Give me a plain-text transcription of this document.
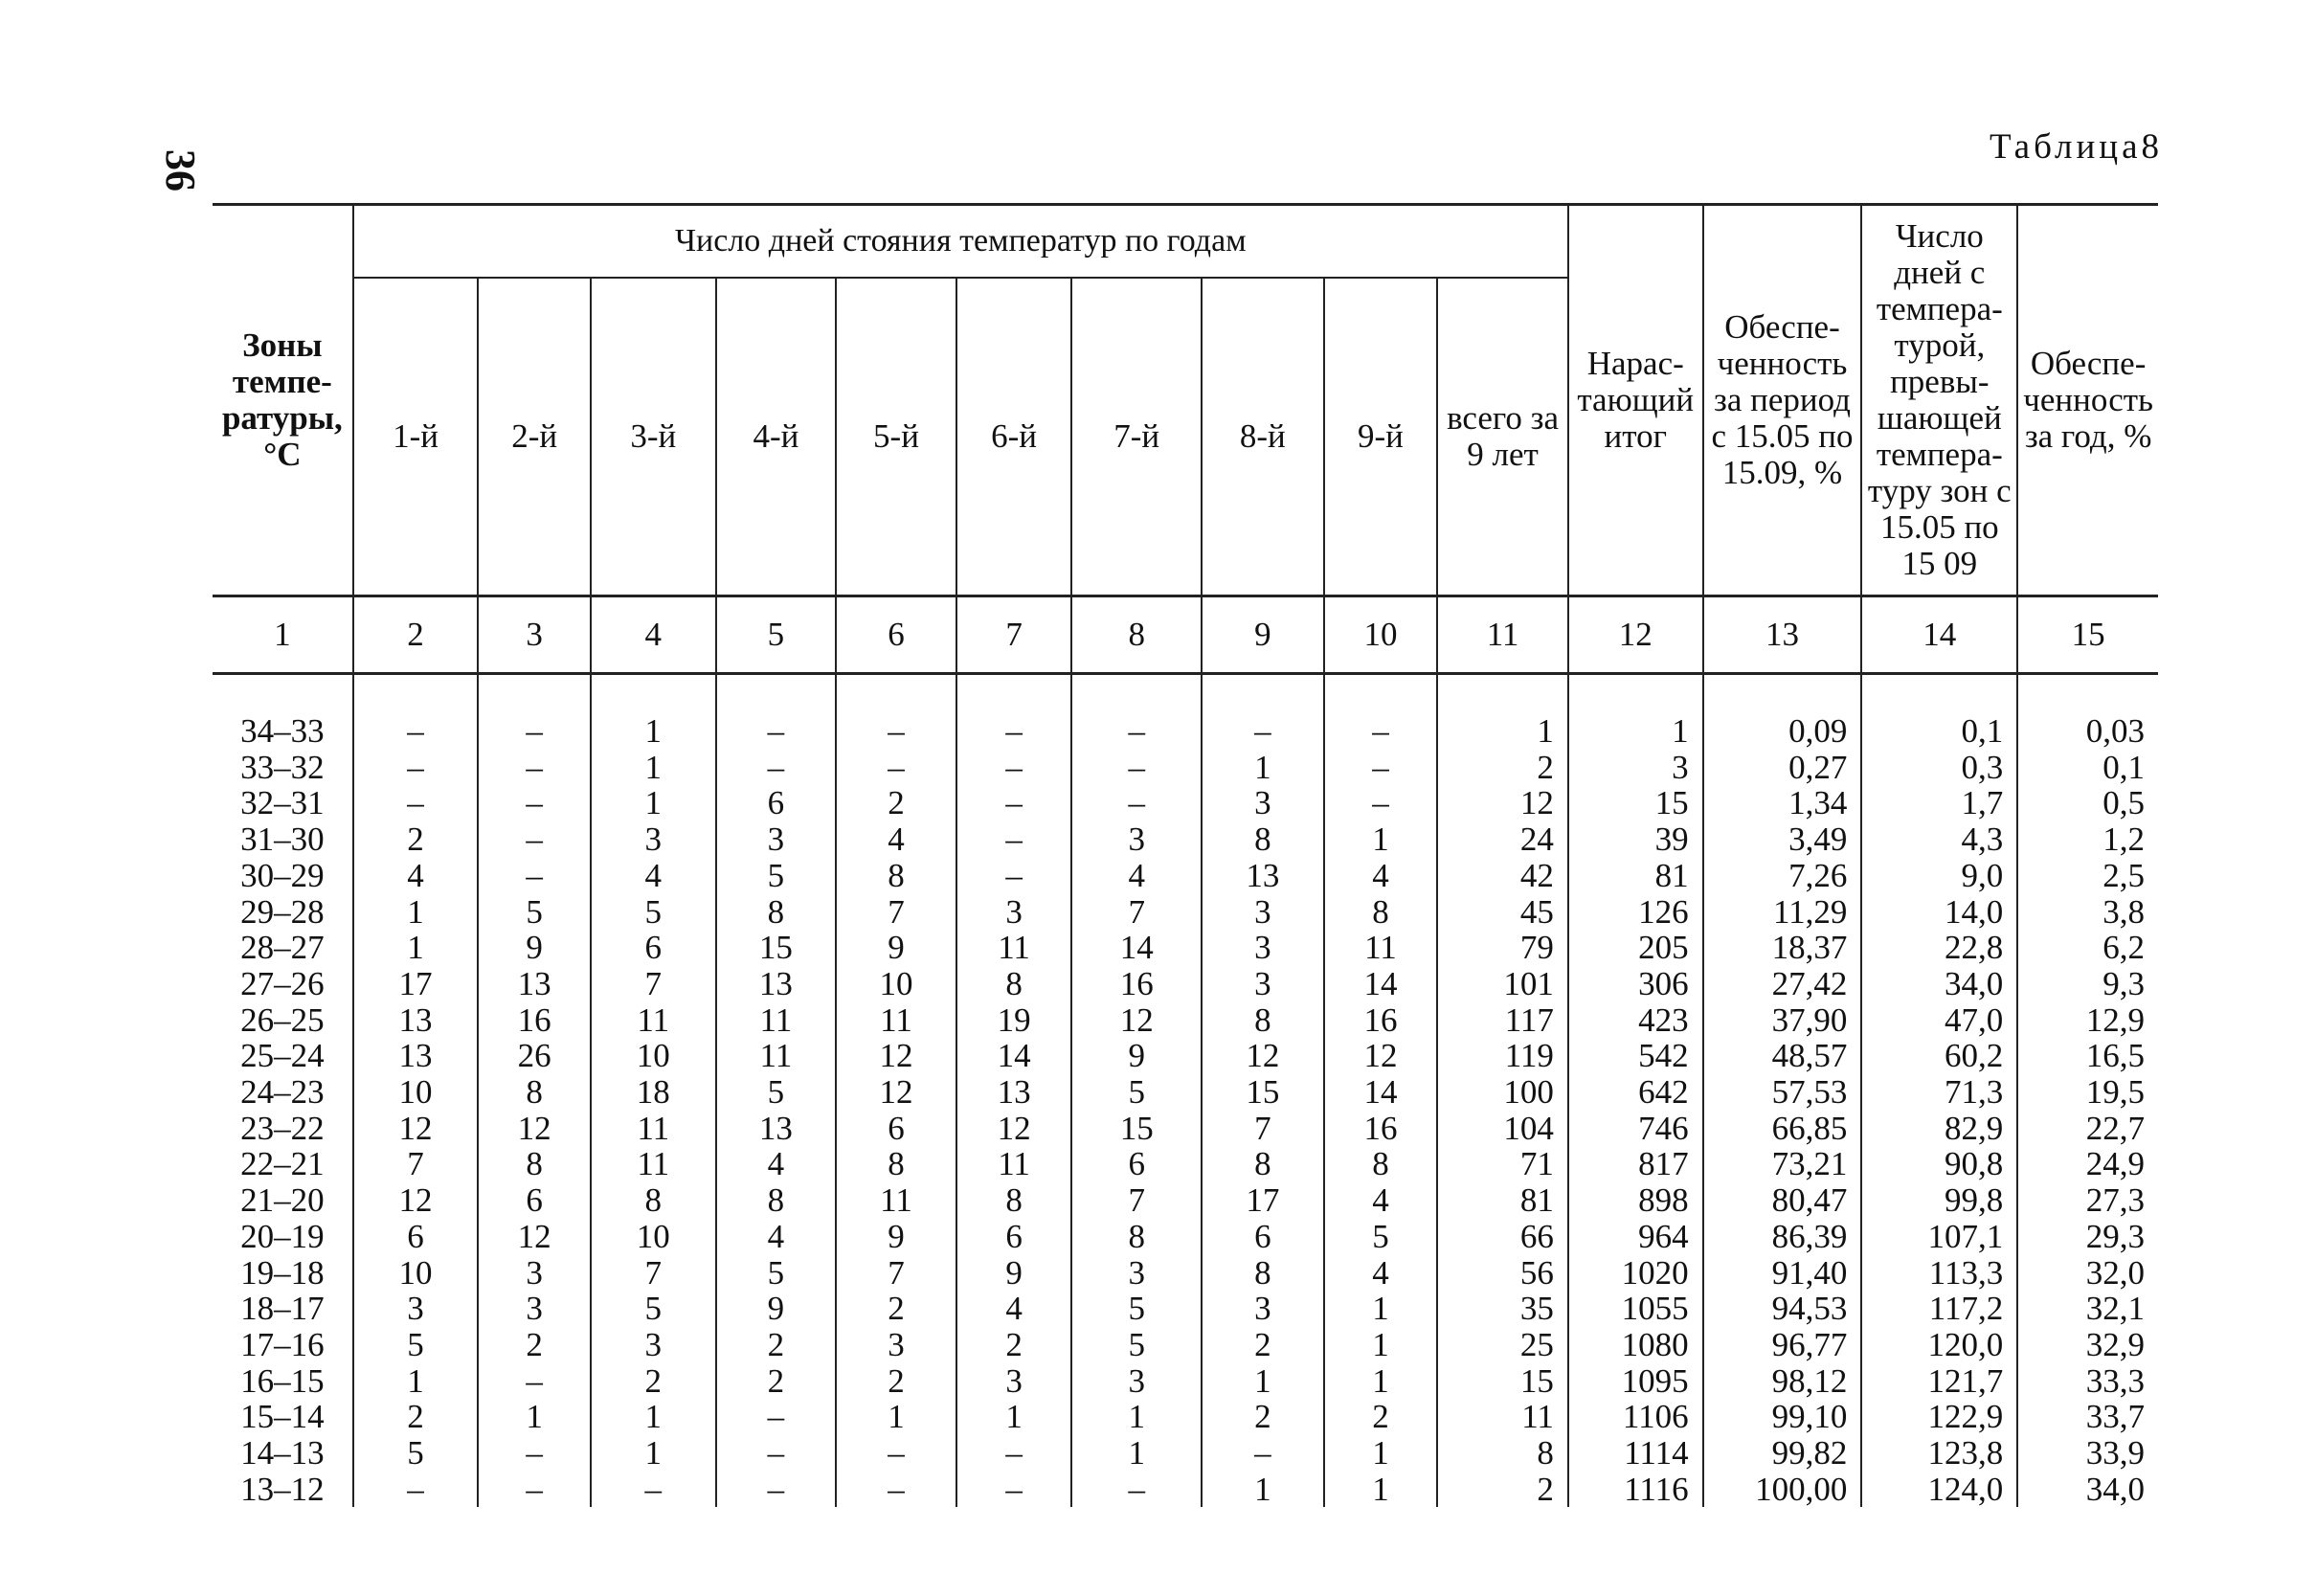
36
Таблица8
Зоны темпе-ратуры, °С	Число дней стояния температур по годам										Нарас-тающий итог	Обеспе-ченность за период с 15.05 по 15.09, %	Число дней с темпера-турой, превы-шающей темпера-туру зон с 15.05 по 15 09	Обеспе-ченность за год, %
	1-й	2-й	3-й	4-й	5-й	6-й	7-й	8-й	9-й	всего за 9 лет				
1	2	3	4	5	6	7	8	9	10	11	12	13	14	15

34–33	–	–	1	–	–	–	–	–	–	1	1	0,09	0,1	0,03
33–32	–	–	1	–	–	–	–	1	–	2	3	0,27	0,3	0,1
32–31	–	–	1	6	2	–	–	3	–	12	15	1,34	1,7	0,5
31–30	2	–	3	3	4	–	3	8	1	24	39	3,49	4,3	1,2
30–29	4	–	4	5	8	–	4	13	4	42	81	7,26	9,0	2,5
29–28	1	5	5	8	7	3	7	3	8	45	126	11,29	14,0	3,8
28–27	1	9	6	15	9	11	14	3	11	79	205	18,37	22,8	6,2
27–26	17	13	7	13	10	8	16	3	14	101	306	27,42	34,0	9,3
26–25	13	16	11	11	11	19	12	8	16	117	423	37,90	47,0	12,9
25–24	13	26	10	11	12	14	9	12	12	119	542	48,57	60,2	16,5
24–23	10	8	18	5	12	13	5	15	14	100	642	57,53	71,3	19,5
23–22	12	12	11	13	6	12	15	7	16	104	746	66,85	82,9	22,7
22–21	7	8	11	4	8	11	6	8	8	71	817	73,21	90,8	24,9
21–20	12	6	8	8	11	8	7	17	4	81	898	80,47	99,8	27,3
20–19	6	12	10	4	9	6	8	6	5	66	964	86,39	107,1	29,3
19–18	10	3	7	5	7	9	3	8	4	56	1020	91,40	113,3	32,0
18–17	3	3	5	9	2	4	5	3	1	35	1055	94,53	117,2	32,1
17–16	5	2	3	2	3	2	5	2	1	25	1080	96,77	120,0	32,9
16–15	1	–	2	2	2	3	3	1	1	15	1095	98,12	121,7	33,3
15–14	2	1	1	–	1	1	1	2	2	11	1106	99,10	122,9	33,7
14–13	5	–	1	–	–	–	1	–	1	8	1114	99,82	123,8	33,9
13–12	–	–	–	–	–	–	–	1	1	2	1116	100,00	124,0	34,0
